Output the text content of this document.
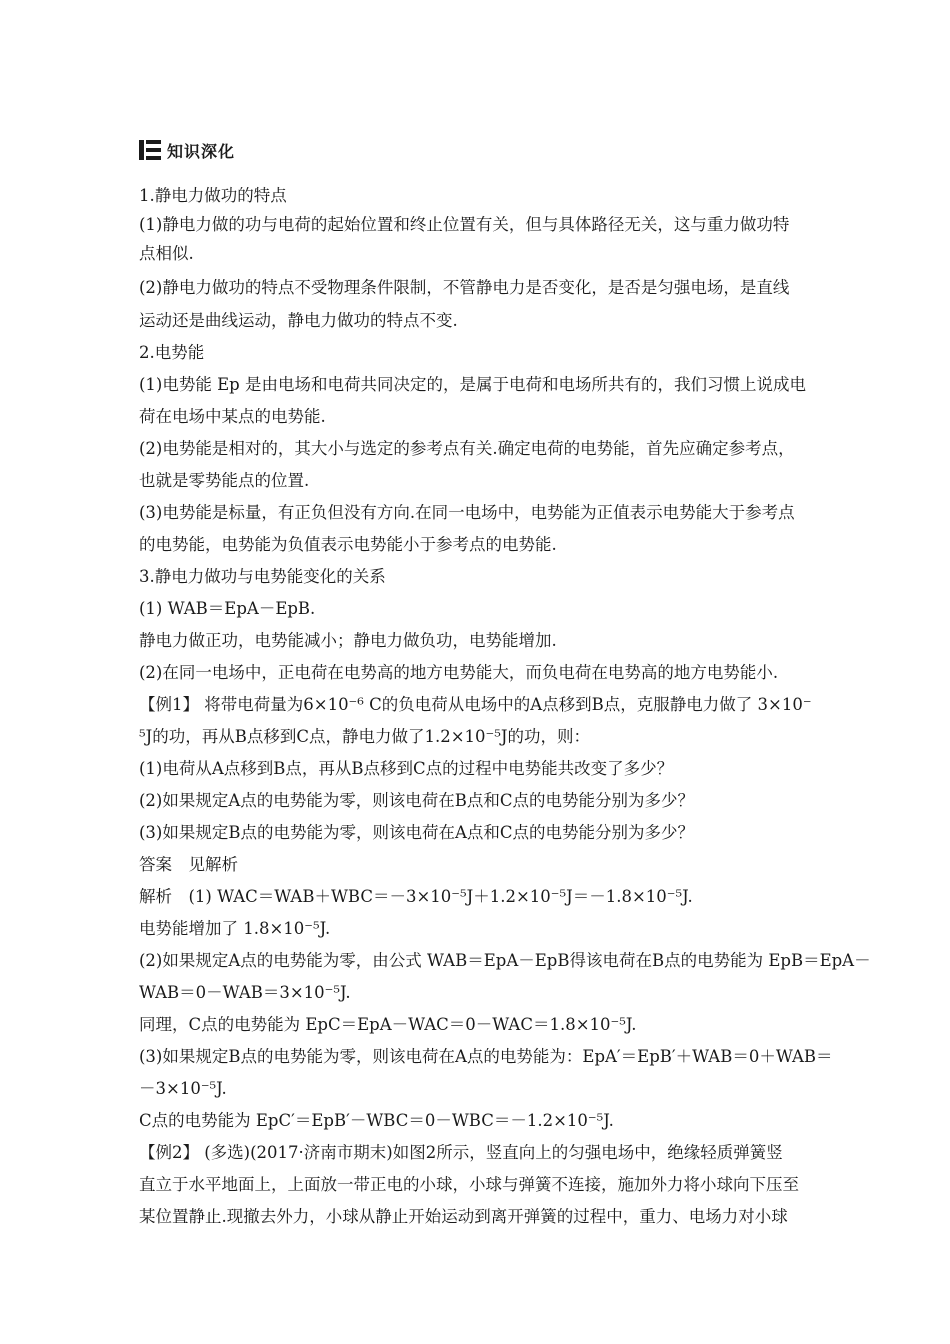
知识深化
1.静电力做功的特点
(1)静电力做的功与电荷的起始位置和终止位置有关，但与具体路径无关，这与重力做功特
点相似.
(2)静电力做功的特点不受物理条件限制，不管静电力是否变化，是否是匀强电场，是直线
运动还是曲线运动，静电力做功的特点不变.
2.电势能
(1)电势能 Ep 是由电场和电荷共同决定的，是属于电荷和电场所共有的，我们习惯上说成电
荷在电场中某点的电势能.
(2)电势能是相对的，其大小与选定的参考点有关.确定电荷的电势能，首先应确定参考点，
也就是零势能点的位置.
(3)电势能是标量，有正负但没有方向.在同一电场中，电势能为正值表示电势能大于参考点
的电势能，电势能为负值表示电势能小于参考点的电势能.
3.静电力做功与电势能变化的关系
(1) WAB＝EpA－EpB.
静电力做正功，电势能减小；静电力做负功，电势能增加.
(2)在同一电场中，正电荷在电势高的地方电势能大，而负电荷在电势高的地方电势能小.
【例1】 将带电荷量为6×10⁻⁶ C的负电荷从电场中的A点移到B点，克服静电力做了 3×10⁻
⁵J的功，再从B点移到C点，静电力做了1.2×10⁻⁵J的功，则：
(1)电荷从A点移到B点，再从B点移到C点的过程中电势能共改变了多少？
(2)如果规定A点的电势能为零，则该电荷在B点和C点的电势能分别为多少？
(3)如果规定B点的电势能为零，则该电荷在A点和C点的电势能分别为多少？
答案　见解析
解析　(1) WAC＝WAB＋WBC＝－3×10⁻⁵J＋1.2×10⁻⁵J＝－1.8×10⁻⁵J.
电势能增加了 1.8×10⁻⁵J.
(2)如果规定A点的电势能为零，由公式 WAB＝EpA－EpB得该电荷在B点的电势能为 EpB＝EpA－
WAB＝0－WAB＝3×10⁻⁵J.
同理，C点的电势能为 EpC＝EpA－WAC＝0－WAC＝1.8×10⁻⁵J.
(3)如果规定B点的电势能为零，则该电荷在A点的电势能为：EpA′＝EpB′＋WAB＝0＋WAB＝
－3×10⁻⁵J.
C点的电势能为 EpC′＝EpB′－WBC＝0－WBC＝－1.2×10⁻⁵J.
【例2】 (多选)(2017·济南市期末)如图2所示，竖直向上的匀强电场中，绝缘轻质弹簧竖
直立于水平地面上，上面放一带正电的小球，小球与弹簧不连接，施加外力将小球向下压至
某位置静止.现撤去外力，小球从静止开始运动到离开弹簧的过程中，重力、电场力对小球
